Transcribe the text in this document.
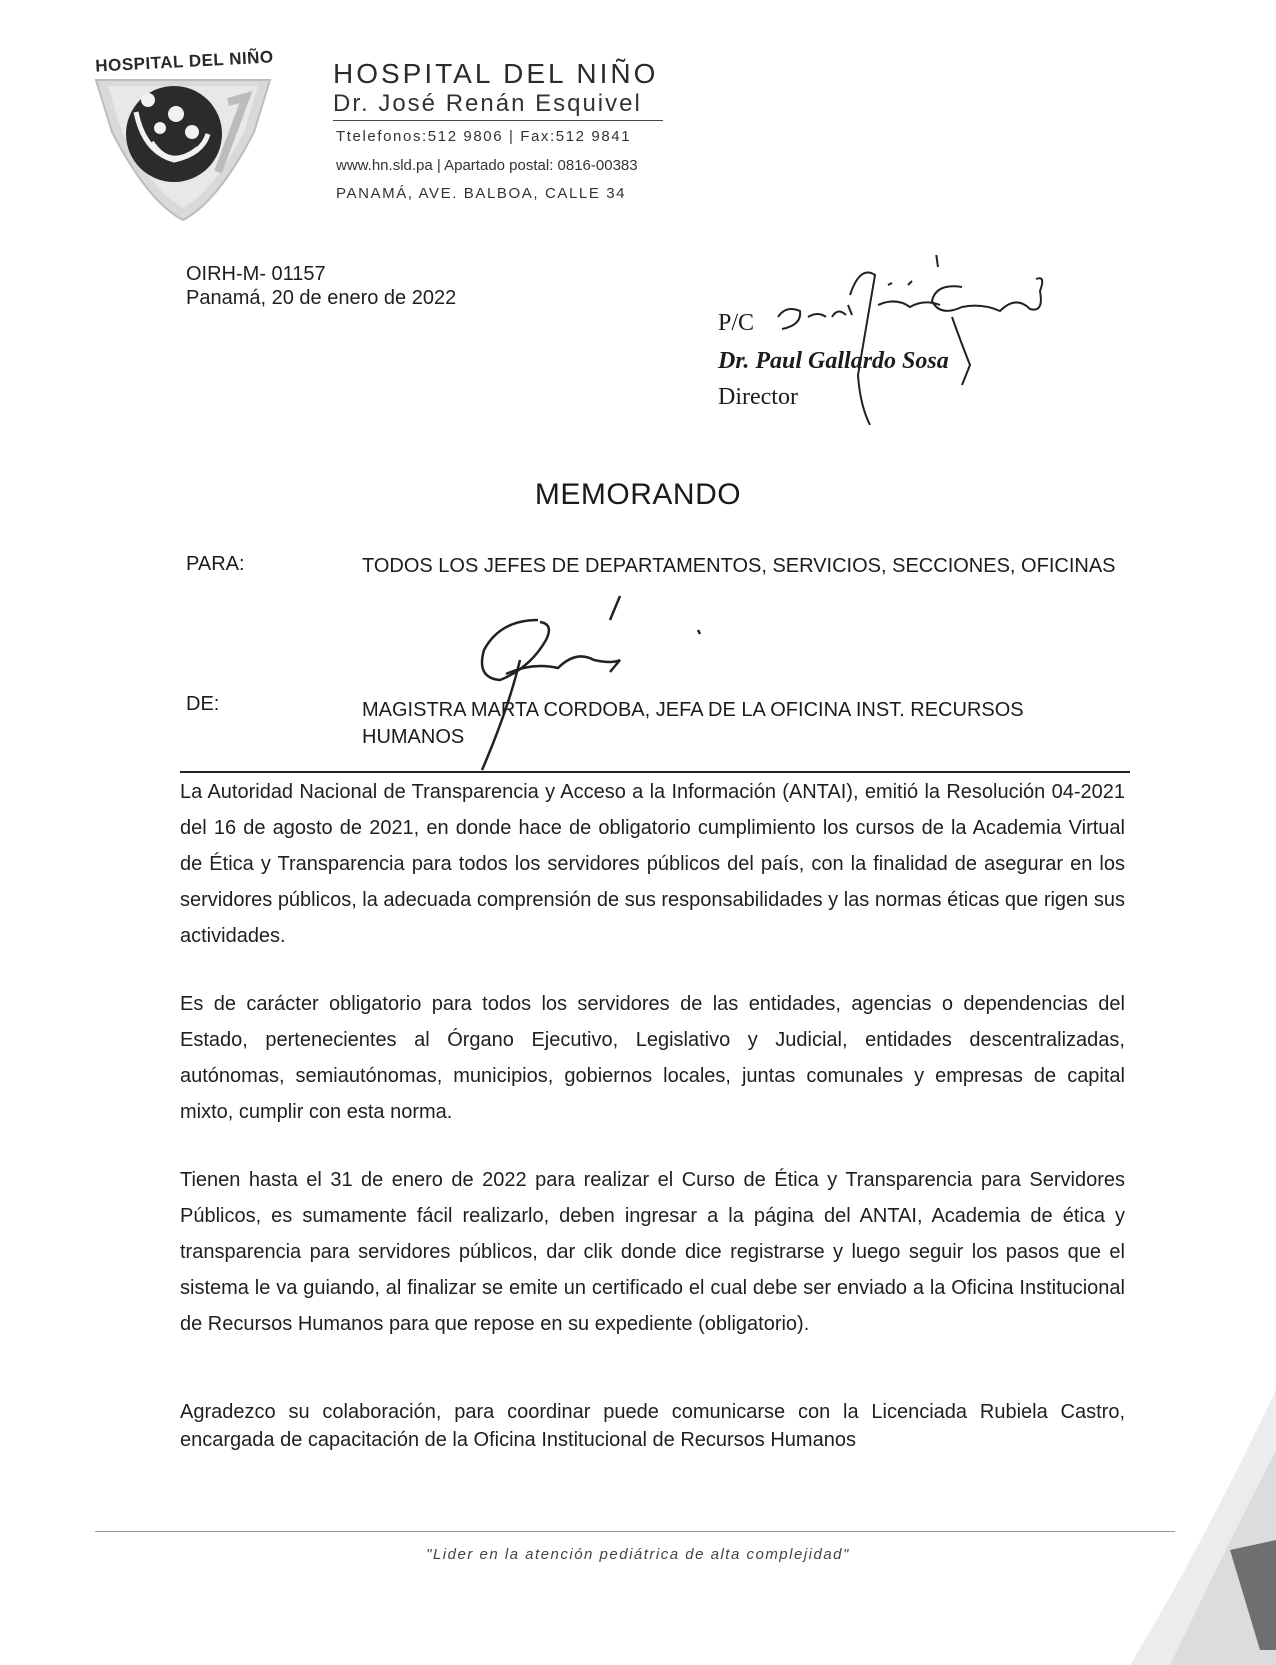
HOSPITAL DEL NIÑO	HOSPITAL DEL NIÑO
Dr. José Renán Esquivel
Ttelefonos:512 9806 | Fax:512 9841
www.hn.sld.pa | Apartado postal: 0816-00383
PANAMÁ, AVE. BALBOA, CALLE 34
OIRH-M- 01157
Panamá, 20 de enero de 2022
P/C
Dr. Paul Gallardo Sosa
Director
MEMORANDO
PARA:	TODOS LOS JEFES DE DEPARTAMENTOS, SERVICIOS, SECCIONES, OFICINAS
DE:	MAGISTRA MARTA CORDOBA, JEFA DE LA OFICINA INST. RECURSOS HUMANOS
La Autoridad Nacional de Transparencia y Acceso a la Información (ANTAI), emitió la Resolución 04-2021 del 16 de agosto de 2021, en donde hace de obligatorio cumplimiento los cursos de la Academia Virtual de Ética y Transparencia para todos los servidores públicos del país, con la finalidad de asegurar en los servidores públicos, la adecuada comprensión de sus responsabilidades y las normas éticas que rigen sus actividades.
Es de carácter obligatorio para todos los servidores de las entidades, agencias o dependencias del Estado, pertenecientes al Órgano Ejecutivo, Legislativo y Judicial, entidades descentralizadas, autónomas, semiautónomas, municipios, gobiernos locales, juntas comunales y empresas de capital mixto, cumplir con esta norma.
Tienen hasta el 31 de enero de 2022 para realizar el Curso de Ética y Transparencia para Servidores Públicos, es sumamente fácil realizarlo, deben ingresar a la página del ANTAI, Academia de ética y transparencia para servidores públicos, dar clik donde dice registrarse y luego seguir los pasos que el sistema le va guiando, al finalizar se emite un certificado el cual debe ser enviado a la Oficina Institucional de Recursos Humanos para que repose en su expediente (obligatorio).
Agradezco su colaboración, para coordinar puede comunicarse con la Licenciada Rubiela Castro, encargada de capacitación de la Oficina Institucional de Recursos Humanos
"Lider en la atención pediátrica de alta complejidad"
